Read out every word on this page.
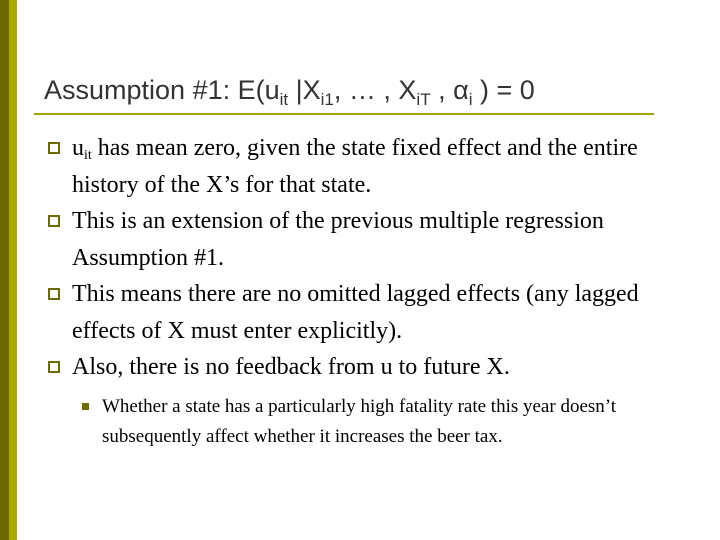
Assumption #1: $E(u_{it}$ $|X_{i1}$, … , $X_{iT}$ , $\alpha_i$ ) = 0
$u_{it}$ has mean zero, given the state fixed effect and the entire history of the X’s for that state.
This is an extension of the previous multiple regression Assumption #1.
This means there are no omitted lagged effects (any lagged effects of X must enter explicitly).
Also, there is no feedback from u to future X.
Whether a state has a particularly high fatality rate this year doesn’t subsequently affect whether it increases the beer tax.
